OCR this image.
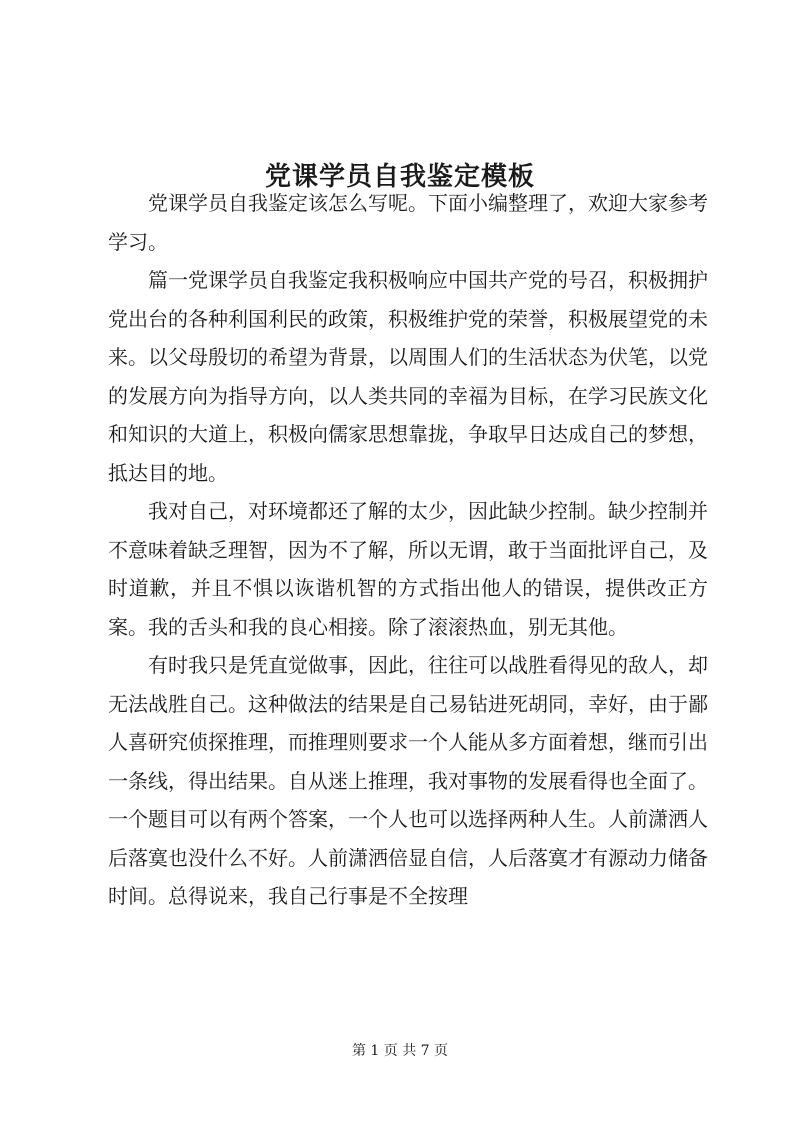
党课学员自我鉴定模板

党课学员自我鉴定该怎么写呢。下面小编整理了，欢迎大家参考学习。

篇一党课学员自我鉴定我积极响应中国共产党的号召，积极拥护党出台的各种利国利民的政策，积极维护党的荣誉，积极展望党的未来。以父母殷切的希望为背景，以周围人们的生活状态为伏笔，以党的发展方向为指导方向，以人类共同的幸福为目标，在学习民族文化和知识的大道上，积极向儒家思想靠拢，争取早日达成自己的梦想，抵达目的地。

我对自己，对环境都还了解的太少，因此缺少控制。缺少控制并不意味着缺乏理智，因为不了解，所以无谓，敢于当面批评自己，及时道歉，并且不惧以诙谐机智的方式指出他人的错误，提供改正方案。我的舌头和我的良心相接。除了滚滚热血，别无其他。

有时我只是凭直觉做事，因此，往往可以战胜看得见的敌人，却无法战胜自己。这种做法的结果是自己易钻进死胡同，幸好，由于鄙人喜研究侦探推理，而推理则要求一个人能从多方面着想，继而引出一条线，得出结果。自从迷上推理，我对事物的发展看得也全面了。一个题目可以有两个答案，一个人也可以选择两种人生。人前潇洒人后落寞也没什么不好。人前潇洒倍显自信，人后落寞才有源动力储备时间。总得说来，我自己行事是不全按理

第 1 页 共 7 页
